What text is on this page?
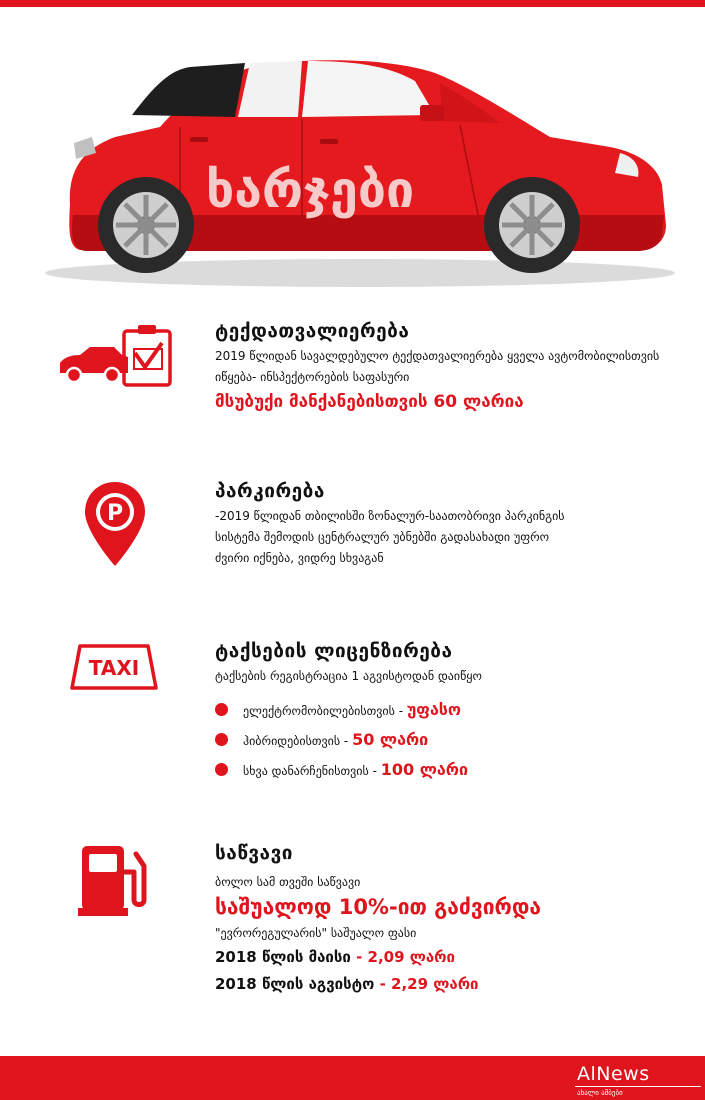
ხარჯები
ტექდათვალიერება
2019 წლიდან სავალდებულო ტექდათვალიერება ყველა ავტომობილისთვის იწყება- ინსპექტორების საფასური
მსუბუქი მანქანებისთვის 60 ლარია
P
პარკირება
-2019 წლიდან თბილისში ზონალურ-საათობრივი პარკინგის სისტემა შემოდის ცენტრალურ უბნებში გადასახადი უფრო ძვირი იქნება, ვიდრე სხვაგან
TAXI
ტაქსების ლიცენზირება
ტაქსების რეგისტრაცია 1 აგვისტოდან დაიწყო
ელექტრომობილებისთვის - უფასო
ჰიბრიდებისთვის - 50 ლარი
სხვა დანარჩენისთვის - 100 ლარი
საწვავი
ბოლო სამ თვეში საწვავი
საშუალოდ 10%-ით გაძვირდა
"ევრორეგულარის" საშუალო ფასი
2018 წლის მაისი - 2,09 ლარი
2018 წლის აგვისტო - 2,29 ლარი
AlNews
ახალი ამბები
